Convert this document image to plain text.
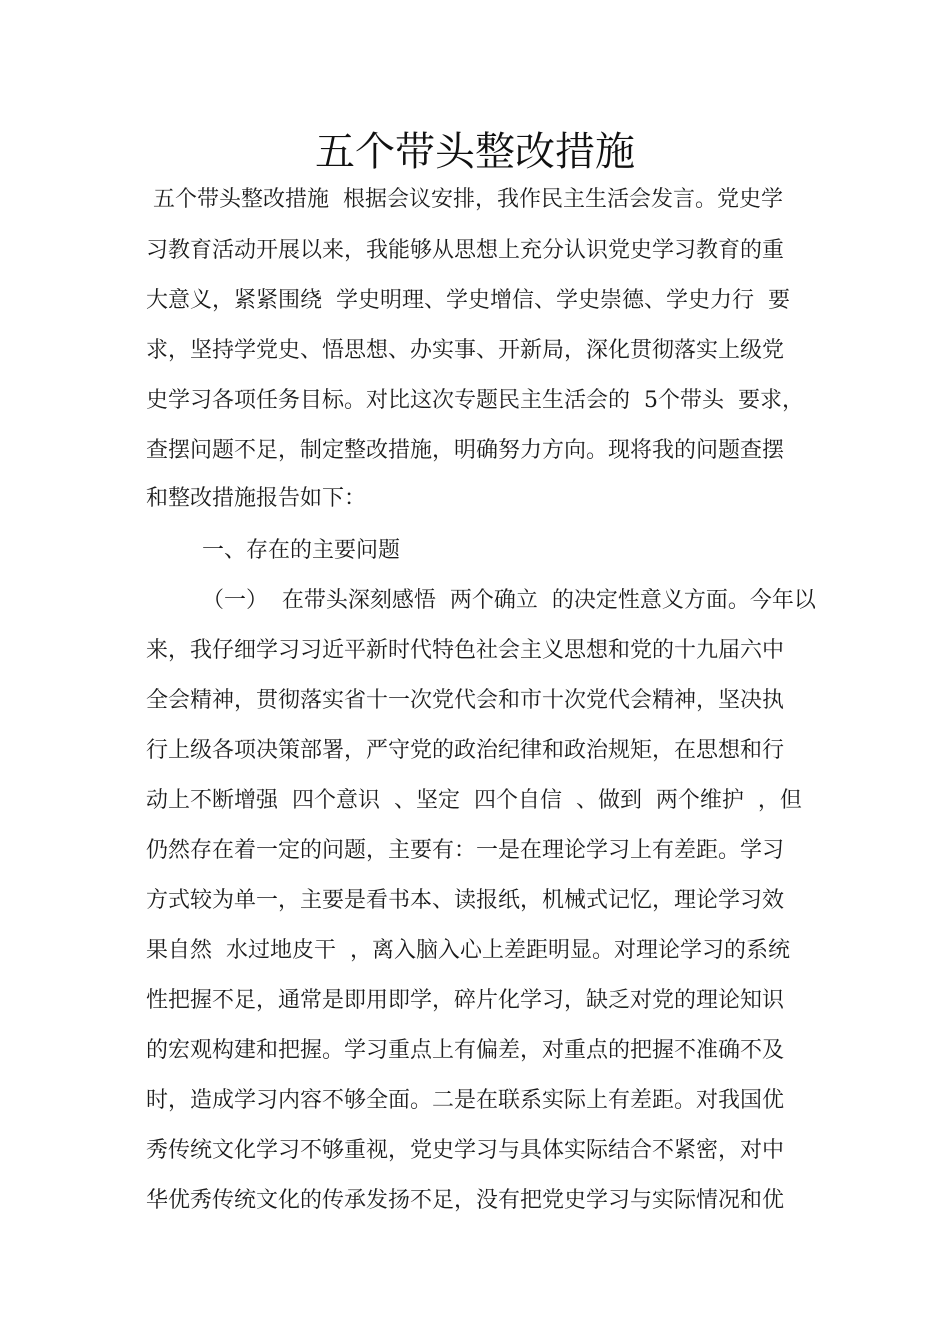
五个带头整改措施
五个带头整改措施  根据会议安排，我作民主生活会发言。党史学
习教育活动开展以来，我能够从思想上充分认识党史学习教育的重
大意义，紧紧围绕  学史明理、学史增信、学史崇德、学史力行  要
求，坚持学党史、悟思想、办实事、开新局，深化贯彻落实上级党
史学习各项任务目标。对比这次专题民主生活会的  5个带头  要求，
查摆问题不足，制定整改措施，明确努力方向。现将我的问题查摆
和整改措施报告如下：
一、存在的主要问题
（一）  在带头深刻感悟  两个确立  的决定性意义方面。今年以
来，我仔细学习习近平新时代特色社会主义思想和党的十九届六中
全会精神，贯彻落实省十一次党代会和市十次党代会精神，坚决执
行上级各项决策部署，严守党的政治纪律和政治规矩，在思想和行
动上不断增强  四个意识  、坚定  四个自信  、做到  两个维护  ，但
仍然存在着一定的问题，主要有：一是在理论学习上有差距。学习
方式较为单一，主要是看书本、读报纸，机械式记忆，理论学习效
果自然  水过地皮干  ，离入脑入心上差距明显。对理论学习的系统
性把握不足，通常是即用即学，碎片化学习，缺乏对党的理论知识
的宏观构建和把握。学习重点上有偏差，对重点的把握不准确不及
时，造成学习内容不够全面。二是在联系实际上有差距。对我国优
秀传统文化学习不够重视，党史学习与具体实际结合不紧密，对中
华优秀传统文化的传承发扬不足，没有把党史学习与实际情况和优
